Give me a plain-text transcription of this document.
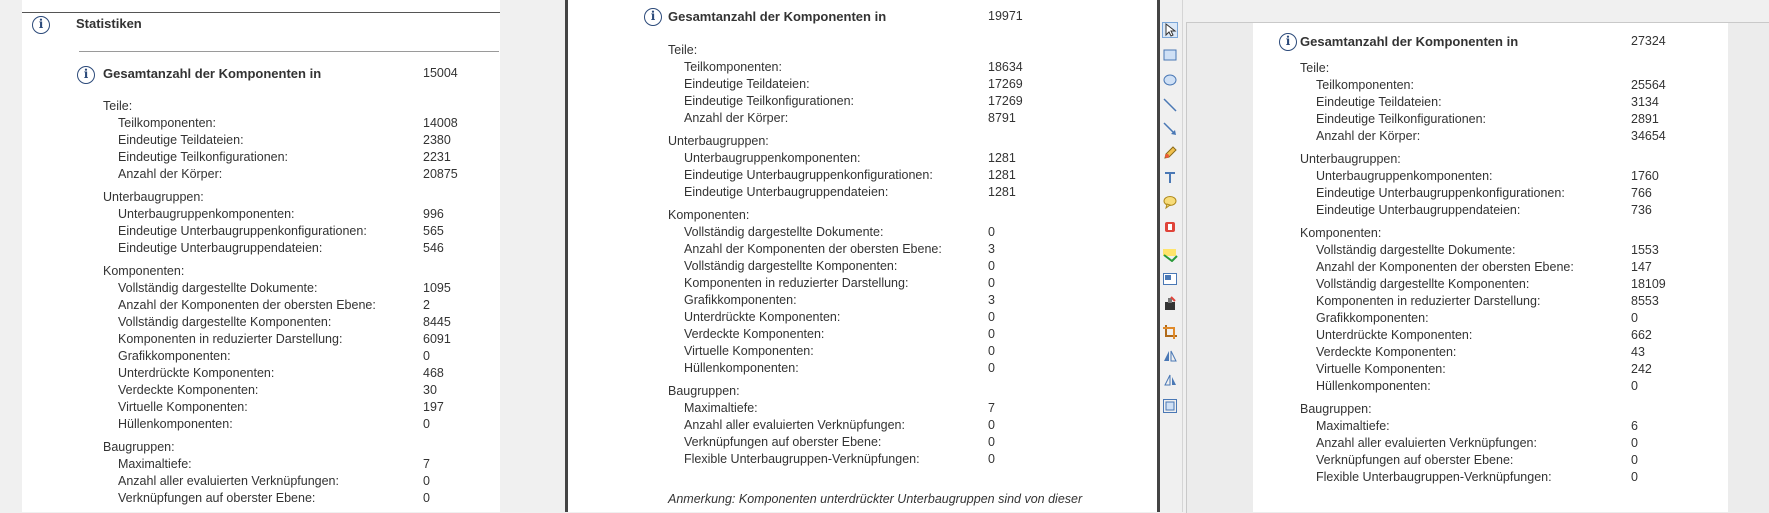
i	Statistiken
i	Gesamtanzahl der Komponenten in	15004
Teile:
Teilkomponenten:	14008
Eindeutige Teildateien:	2380
Eindeutige Teilkonfigurationen:	2231
Anzahl der Körper:	20875
Unterbaugruppen:
Unterbaugruppenkomponenten:	996
Eindeutige Unterbaugruppenkonfigurationen:	565
Eindeutige Unterbaugruppendateien:	546
Komponenten:
Vollständig dargestellte Dokumente:	1095
Anzahl der Komponenten der obersten Ebene:	2
Vollständig dargestellte Komponenten:	8445
Komponenten in reduzierter Darstellung:	6091
Grafikkomponenten:	0
Unterdrückte Komponenten:	468
Verdeckte Komponenten:	30
Virtuelle Komponenten:	197
Hüllenkomponenten:	0
Baugruppen:
Maximaltiefe:	7
Anzahl aller evaluierten Verknüpfungen:	0
Verknüpfungen auf oberster Ebene:	0
i Gesamtanzahl der Komponenten in	19971
Teile:
Teilkomponenten:	18634
Eindeutige Teildateien:	17269
Eindeutige Teilkonfigurationen:	17269
Anzahl der Körper:	8791
Unterbaugruppen:
Unterbaugruppenkomponenten:	1281
Eindeutige Unterbaugruppenkonfigurationen:	1281
Eindeutige Unterbaugruppendateien:	1281
Komponenten:
Vollständig dargestellte Dokumente:	0
Anzahl der Komponenten der obersten Ebene:	3
Vollständig dargestellte Komponenten:	0
Komponenten in reduzierter Darstellung:	0
Grafikkomponenten:	3
Unterdrückte Komponenten:	0
Verdeckte Komponenten:	0
Virtuelle Komponenten:	0
Hüllenkomponenten:	0
Baugruppen:
Maximaltiefe:	7
Anzahl aller evaluierten Verknüpfungen:	0
Verknüpfungen auf oberster Ebene:	0
Flexible Unterbaugruppen-Verknüpfungen:	0
Anmerkung: Komponenten unterdrückter Unterbaugruppen sind von dieser
i Gesamtanzahl der Komponenten in	27324
Teile:
Teilkomponenten:	25564
Eindeutige Teildateien:	3134
Eindeutige Teilkonfigurationen:	2891
Anzahl der Körper:	34654
Unterbaugruppen:
Unterbaugruppenkomponenten:	1760
Eindeutige Unterbaugruppenkonfigurationen:	766
Eindeutige Unterbaugruppendateien:	736
Komponenten:
Vollständig dargestellte Dokumente:	1553
Anzahl der Komponenten der obersten Ebene:	147
Vollständig dargestellte Komponenten:	18109
Komponenten in reduzierter Darstellung:	8553
Grafikkomponenten:	0
Unterdrückte Komponenten:	662
Verdeckte Komponenten:	43
Virtuelle Komponenten:	242
Hüllenkomponenten:	0
Baugruppen:
Maximaltiefe:	6
Anzahl aller evaluierten Verknüpfungen:	0
Verknüpfungen auf oberster Ebene:	0
Flexible Unterbaugruppen-Verknüpfungen:	0
